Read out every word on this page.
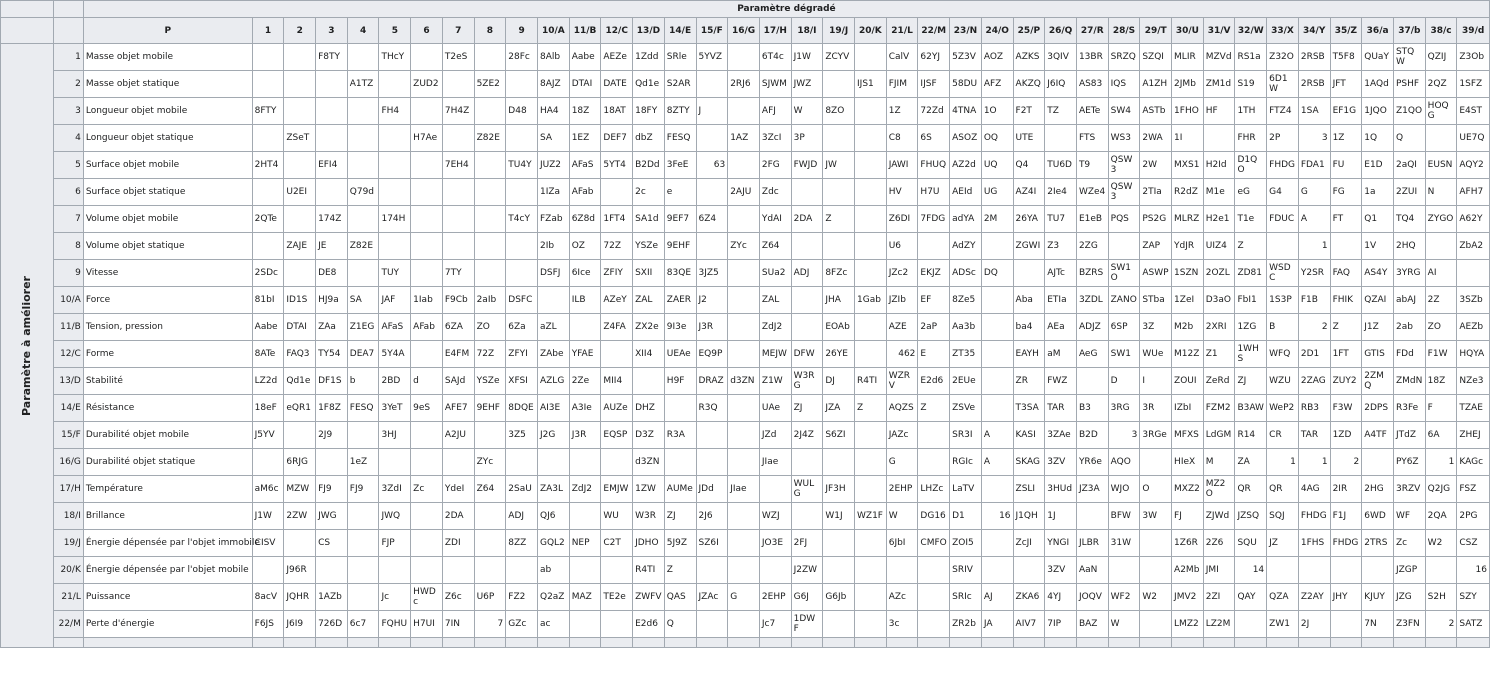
		Paramètre dégradé																																							
		P	1	2	3	4	5	6	7	8	9	10/A	11/B	12/C	13/D	14/E	15/F	16/G	17/H	18/I	19/J	20/K	21/L	22/M	23/N	24/O	25/P	26/Q	27/R	28/S	29/T	30/U	31/V	32/W	33/X	34/Y	35/Z	36/a	37/b	38/c	39/d

Paramètre à améliorer	1	Masse objet mobile			F8TY		THcY		T2eS		28Fc	8Alb	Aabe	AEZe	1Zdd	SRle	5YVZ		6T4c	J1W	ZCYV		CalV	62YJ	5Z3V	AOZ	AZKS	3QIV	13BR	SRZQ	SZQI	MLIR	MZVd	RS1a	Z32O	2RSB	T5F8	QUaY	STQW	QZIJ	Z3Ob
	2	Masse objet statique				A1TZ		ZUD2		5ZE2		8AJZ	DTAI	DATE	Qd1e	S2AR		2RJ6	SJWM	JWZ		IJS1	FJIM	IJSF	58DU	AFZ	AKZQ	J6IQ	AS83	IQS	A1ZH	2JMb	ZM1d	S19	6D1W	2RSB	JFT	1AQd	PSHF	2QZ	1SFZ
	3	Longueur objet mobile	8FTY				FH4		7H4Z		D48	HA4	18Z	18AT	18FY	8ZTY	J		AFJ	W	8ZO		1Z	72Zd	4TNA	1O	F2T	TZ	AETe	SW4	ASTb	1FHO	HF	1TH	FTZ4	1SA	EF1G	1JQO	Z1QO	HOQG	E4ST
	4	Longueur objet statique		ZSeT				H7Ae		Z82E		SA	1EZ	DEF7	dbZ	FESQ		1AZ	3ZcI	3P			C8	6S	ASOZ	OQ	UTE		FTS	WS3	2WA	1I		FHR	2P	3	1Z	1Q	Q		UE7Q
	5	Surface objet mobile	2HT4		EFI4				7EH4		TU4Y	JUZ2	AFaS	5YT4	B2Dd	3FeE	63		2FG	FWJD	JW		JAWI	FHUQ	AZ2d	UQ	Q4	TU6D	T9	QSW3	2W	MXS1	H2Id	D1QO	FHDG	FDA1	FU	E1D	2aQI	EUSN	AQY2
	6	Surface objet statique		U2EI		Q79d						1IZa	AFab		2c	e		2AJU	Zdc				HV	H7U	AEId	UG	AZ4I	2Ie4	WZe4	QSW3	2TIa	R2dZ	M1e	eG	G4	G	FG	1a	2ZUI	N	AFH7
	7	Volume objet mobile	2QTe		174Z		174H				T4cY	FZab	6Z8d	1FT4	SA1d	9EF7	6Z4		YdAI	2DA	Z		Z6DI	7FDG	adYA	2M	26YA	TU7	E1eB	PQS	PS2G	MLRZ	H2e1	T1e	FDUC	A	FT	Q1	TQ4	ZYGO	A62Y
	8	Volume objet statique		ZAJE	JE	Z82E						2Ib	OZ	72Z	YSZe	9EHF		ZYc	Z64				U6		AdZY		ZGWI	Z3	2ZG		ZAP	YdJR	UIZ4	Z		1		1V	2HQ		ZbA2
	9	Vitesse	2SDc		DE8		TUY		7TY			DSFJ	6Ice	ZFIY	SXII	83QE	3JZ5		SUa2	ADJ	8FZc		JZc2	EKJZ	ADSc	DQ		AJTc	BZRS	SW1O	ASWP	1SZN	2OZL	ZD81	WSDC	Y2SR	FAQ	AS4Y	3YRG	AI	
	10/A	Force	81bI	ID1S	HJ9a	SA	JAF	1Iab	F9Cb	2aIb	DSFC		ILB	AZeY	ZAL	ZAER	J2		ZAL		JHA	1Gab	JZIb	EF	8Ze5		Aba	ETIa	3ZDL	ZANO	STba	1ZeI	D3aO	FbI1	1S3P	F1B	FHIK	QZAI	abAJ	2Z	3SZb
	11/B	Tension, pression	Aabe	DTAI	ZAa	Z1EG	AFaS	AFab	6ZA	ZO	6Za	aZL		Z4FA	ZX2e	9I3e	J3R		ZdJ2		EOAb		AZE	2aP	Aa3b		ba4	AEa	ADJZ	6SP	3Z	M2b	2XRI	1ZG	B	2	Z	J1Z	2ab	ZO	AEZb
	12/C	Forme	8ATe	FAQ3	TY54	DEA7	5Y4A		E4FM	72Z	ZFYI	ZAbe	YFAE		XII4	UEAe	EQ9P		MEJW	DFW	26YE		462	E	ZT35		EAYH	aM	AeG	SW1	WUe	M12Z	Z1	1WHS	WFQ	2D1	1FT	GTIS	FDd	F1W	HQYA
	13/D	Stabilité	LZ2d	Qd1e	DF1S	b	2BD	d	SAJd	YSZe	XFSI	AZLG	2Ze	MII4		H9F	DRAZ	d3ZN	Z1W	W3RG	DJ	R4TI	WZRV	E2d6	2EUe		ZR	FWZ		D	I	ZOUI	ZeRd	ZJ	WZU	2ZAG	ZUY2	2ZMQ	ZMdN	18Z	NZe3
	14/E	Résistance	18eF	eQR1	1F8Z	FESQ	3YeT	9eS	AFE7	9EHF	8DQE	AI3E	A3Ie	AUZe	DHZ		R3Q		UAe	ZJ	JZA	Z	AQZS	Z	ZSVe		T3SA	TAR	B3	3RG	3R	IZbI	FZM2	B3AW	WeP2	RB3	F3W	2DPS	R3Fe	F	TZAE
	15/F	Durabilité objet mobile	J5YV		2J9		3HJ		A2JU		3Z5	J2G	J3R	EQSP	D3Z	R3A			JZd	2J4Z	S6ZI		JAZc		SR3I	A	KASI	3ZAe	B2D	3	3RGe	MFXS	LdGM	R14	CR	TAR	1ZD	A4TF	JTdZ	6A	ZHEJ
	16/G	Durabilité objet statique		6RJG		1eZ				ZYc					d3ZN				JIae				G		RGIc	A	SKAG	3ZV	YR6e	AQO		HIeX	M	ZA	1	1	2		PY6Z	1	KAGc
	17/H	Température	aM6c	MZW	FJ9	FJ9	3ZdI	Zc	YdeI	Z64	2SaU	ZA3L	ZdJ2	EMJW	1ZW	AUMe	JDd	JIae		WULG	JF3H		2EHP	LHZc	LaTV		ZSLI	3HUd	JZ3A	WJO	O	MXZ2	MZ2O	QR	QR	4AG	2IR	2HG	3RZV	Q2JG	FSZ
	18/I	Brillance	J1W	2ZW	JWG		JWQ		2DA		ADJ	QJ6		WU	W3R	ZJ	2J6		WZJ		W1J	WZ1F	W	DG16	D1	16	J1QH	1J		BFW	3W	FJ	ZJWd	JZSQ	SQJ	FHDG	F1J	6WD	WF	2QA	2PG
	19/J	Énergie dépensée par l'objet immobile	CISV		CS		FJP		ZDI		8ZZ	GQL2	NEP	C2T	JDHO	5J9Z	SZ6I		JO3E	2FJ			6JbI	CMFO	ZOI5		ZcJI	YNGI	JLBR	31W		1Z6R	2Z6	SQU	JZ	1FHS	FHDG	2TRS	Zc	W2	CSZ
	20/K	Énergie dépensée par l'objet mobile		J96R								ab			R4TI	Z				J2ZW					SRIV			3ZV	AaN			A2Mb	JMI	14					JZGP		16
	21/L	Puissance	8acV	JQHR	1AZb		Jc	HWDc	Z6c	U6P	FZ2	Q2aZ	MAZ	TE2e	ZWFV	QAS	JZAc	G	2EHP	G6J	G6Jb		AZc		SRIc	AJ	ZKA6	4YJ	JOQV	WF2	W2	JMV2	2ZI	QAY	QZA	Z2AY	JHY	KJUY	JZG	S2H	SZY
	22/M	Perte d'énergie	F6JS	J6I9	726D	6c7	FQHU	H7UI	7IN	7	GZc	ac			E2d6	Q			Jc7	1DWF			3c		ZR2b	JA	AIV7	7IP	BAZ	W		LMZ2	LZ2M		ZW1	2J		7N	Z3FN	2	SATZ
